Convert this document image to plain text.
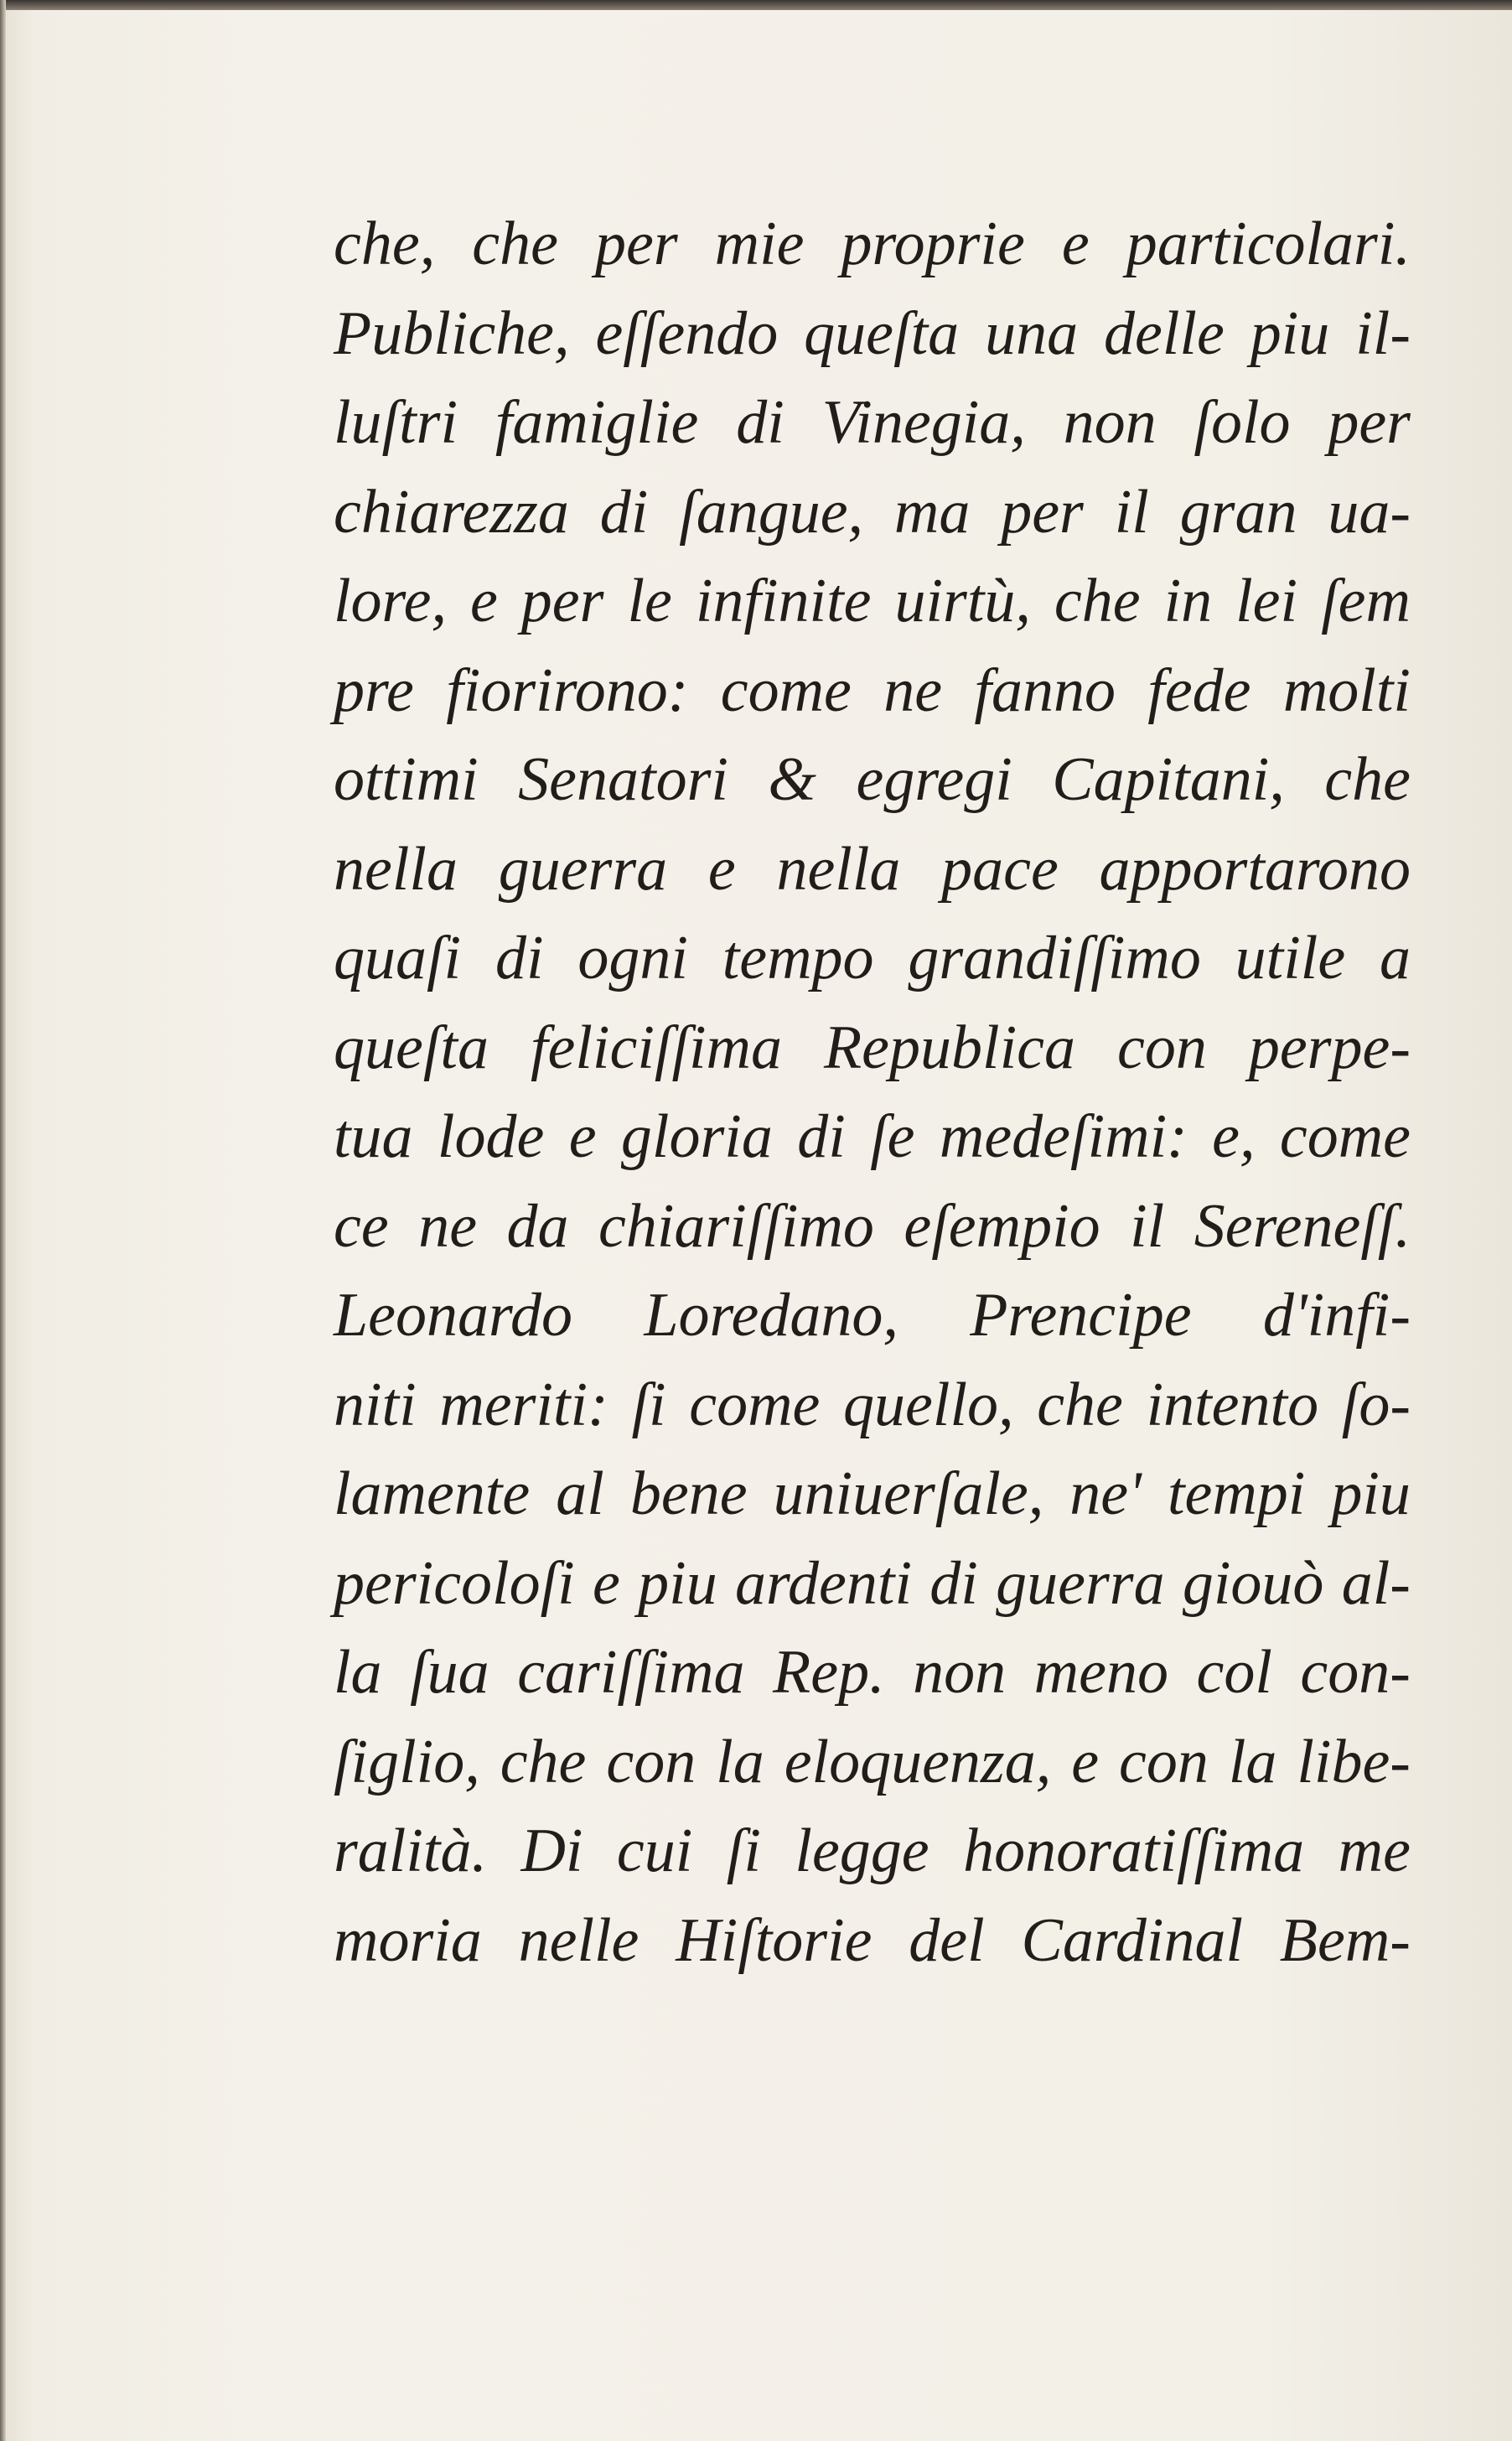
che, che per mie proprie e particolari.
Publiche, eſſendo queſta una delle piu il-
luſtri famiglie di Vinegia, non ſolo per
chiarezza di ſangue, ma per il gran ua-
lore, e per le infinite uirtù, che in lei ſem
pre fiorirono: come ne fanno fede molti
ottimi Senatori & egregi Capitani, che
nella guerra e nella pace apportarono
quaſi di ogni tempo grandiſſimo utile a
queſta feliciſſima Republica con perpe-
tua lode e gloria di ſe medeſimi: e, come
ce ne da chiariſſimo eſempio il Sereneſſ.
Leonardo Loredano, Prencipe d'infi-
niti meriti: ſi come quello, che intento ſo-
lamente al bene uniuerſale, ne' tempi piu
pericoloſi e piu ardenti di guerra giouò al-
la ſua cariſſima Rep. non meno col con-
ſiglio, che con la eloquenza, e con la libe-
ralità. Di cui ſi legge honoratiſſima me
moria nelle Hiſtorie del Cardinal Bem-
